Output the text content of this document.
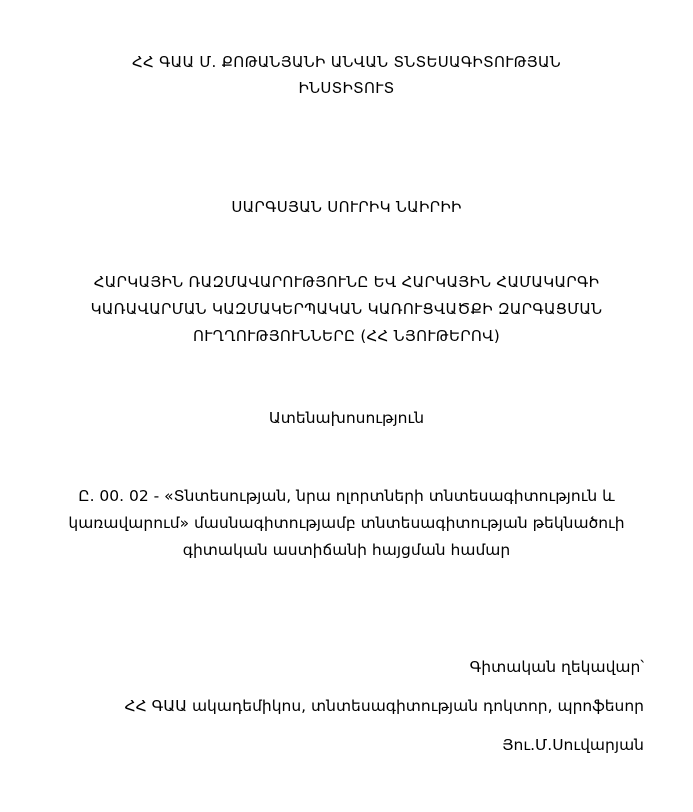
ՀՀ ԳԱԱ Մ. ՔՈԹԱՆՅԱՆԻ ԱՆՎԱՆ ՏՆՏԵՍԱԳԻՏՈՒԹՅԱՆ
ԻՆՍՏԻՏՈՒՏ
ՍԱՐԳՍՅԱՆ ՍՈՒՐԻԿ ՆԱԻՐԻԻ
ՀԱՐԿԱՅԻՆ ՌԱԶՄԱՎԱՐՈՒԹՅՈՒՆԸ ԵՎ ՀԱՐԿԱՅԻՆ ՀԱՄԱԿԱՐԳԻ
ԿԱՌԱՎԱՐՄԱՆ ԿԱԶՄԱԿԵՐՊԱԿԱՆ ԿԱՌՈՒՑՎԱԾՔԻ ԶԱՐԳԱՑՄԱՆ
ՈՒՂՂՈՒԹՅՈՒՆՆԵՐԸ (ՀՀ ՆՅՈՒԹԵՐՈՎ)
Ատենախոսություն
Ը. 00. 02 - «Տնտեսության, նրա ոլորտների տնտեսագիտություն և
կառավարում» մասնագիտությամբ տնտեսագիտության թեկնածուի
գիտական աստիճանի հայցման համար
Գիտական ղեկավար՝
ՀՀ ԳԱԱ ակադեմիկոս, տնտեսագիտության դոկտոր, պրոֆեսոր
Յու.Մ.Սուվարյան
